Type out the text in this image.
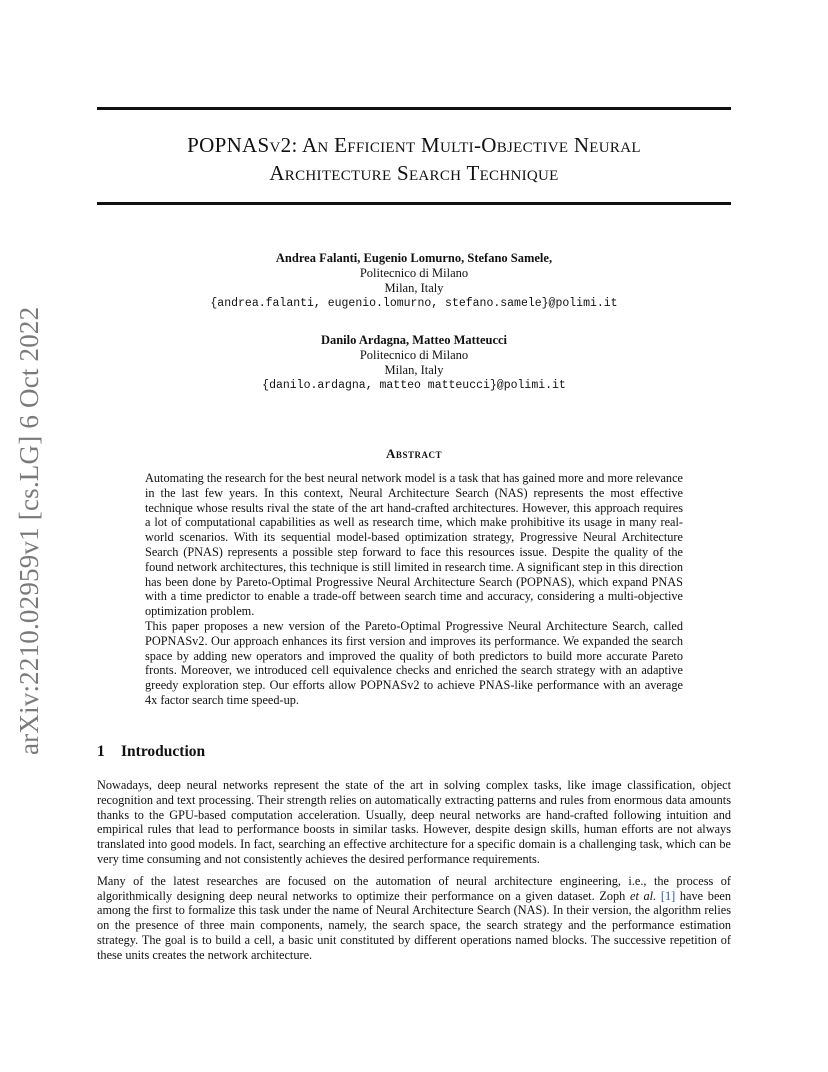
arXiv:2210.02959v1 [cs.LG] 6 Oct 2022
POPNASv2: An Efficient Multi-Objective Neural
Architecture Search Technique
Andrea Falanti, Eugenio Lomurno, Stefano Samele,
Politecnico di Milano
Milan, Italy
{andrea.falanti, eugenio.lomurno, stefano.samele}@polimi.it
Danilo Ardagna, Matteo Matteucci
Politecnico di Milano
Milan, Italy
{danilo.ardagna, matteo matteucci}@polimi.it
Abstract

Automating the research for the best neural network model is a task that has gained more and more relevance in the last few years. In this context, Neural Architecture Search (NAS) represents the most effective technique whose results rival the state of the art hand-crafted architectures. However, this approach requires a lot of computational capabilities as well as research time, which make prohibitive its usage in many real-world scenarios. With its sequential model-based optimization strategy, Progressive Neural Architecture Search (PNAS) represents a possible step forward to face this resources issue. Despite the quality of the found network architectures, this technique is still limited in research time. A significant step in this direction has been done by Pareto-Optimal Progressive Neural Architecture Search (POPNAS), which expand PNAS with a time predictor to enable a trade-off between search time and accuracy, considering a multi-objective optimization problem.

This paper proposes a new version of the Pareto-Optimal Progressive Neural Architecture Search, called POPNASv2. Our approach enhances its first version and improves its performance. We expanded the search space by adding new operators and improved the quality of both predictors to build more accurate Pareto fronts. Moreover, we introduced cell equivalence checks and enriched the search strategy with an adaptive greedy exploration step. Our efforts allow POPNASv2 to achieve PNAS-like performance with an average 4x factor search time speed-up.

1 Introduction

Nowadays, deep neural networks represent the state of the art in solving complex tasks, like image classification, object recognition and text processing. Their strength relies on automatically extracting patterns and rules from enormous data amounts thanks to the GPU-based computation acceleration. Usually, deep neural networks are hand-crafted following intuition and empirical rules that lead to performance boosts in similar tasks. However, despite design skills, human efforts are not always translated into good models. In fact, searching an effective architecture for a specific domain is a challenging task, which can be very time consuming and not consistently achieves the desired performance requirements.

Many of the latest researches are focused on the automation of neural architecture engineering, i.e., the process of algorithmically designing deep neural networks to optimize their performance on a given dataset. Zoph et al. [1] have been among the first to formalize this task under the name of Neural Architecture Search (NAS). In their version, the algorithm relies on the presence of three main components, namely, the search space, the search strategy and the performance estimation strategy. The goal is to build a cell, a basic unit constituted by different operations named blocks. The successive repetition of these units creates the network architecture.
